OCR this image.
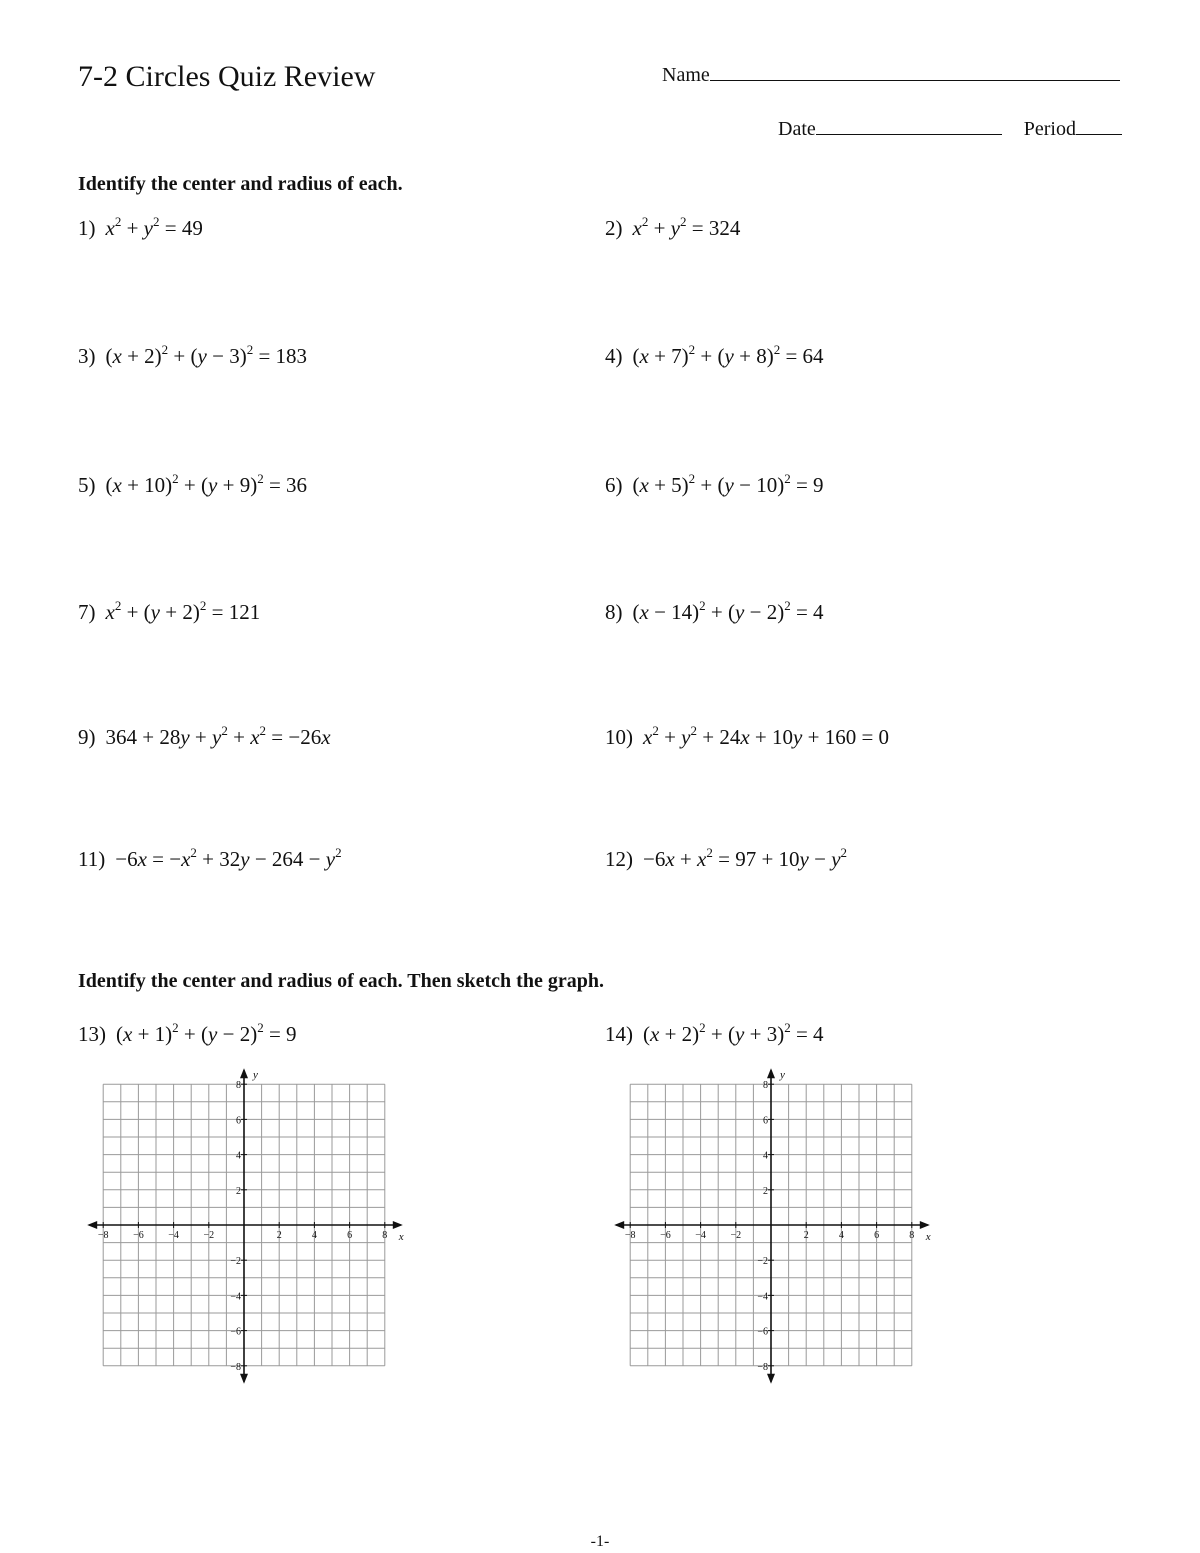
7-2 Circles Quiz Review	Name
Date	Period
Identify the center and radius of each.
Identify the center and radius of each. Then sketch the graph.
1) $x^2 + y^2 = 49$	2) $x^2 + y^2 = 324$
3) $(x + 2)^2 + (y - 3)^2 = 183$	4) $(x + 7)^2 + (y + 8)^2 = 64$
5) $(x + 10)^2 + (y + 9)^2 = 36$	6) $(x + 5)^2 + (y - 10)^2 = 9$
7) $x^2 + (y + 2)^2 = 121$	8) $(x - 14)^2 + (y - 2)^2 = 4$
9) $364 + 28y + y^2 + x^2 = -26x$	10) $x^2 + y^2 + 24x + 10y + 160 = 0$
$11) -6x = -x^2 + 32y - 264 - y^2$	$12) -6x + x^2 = 97 + 10y - y^2$
13) $(x + 1)^2 + (y - 2)^2 = 9$	14) $(x + 2)^2 + (y + 3)^2 = 4$
x
y
−8 −6 −4 −2	2	4	6	8
8
6
4
2
−2
−4
−6
−8
x
y
−8 −6 −4 −2	2	4	6	8
8
6
4
2
−2
−4
−6
−8
-1-
